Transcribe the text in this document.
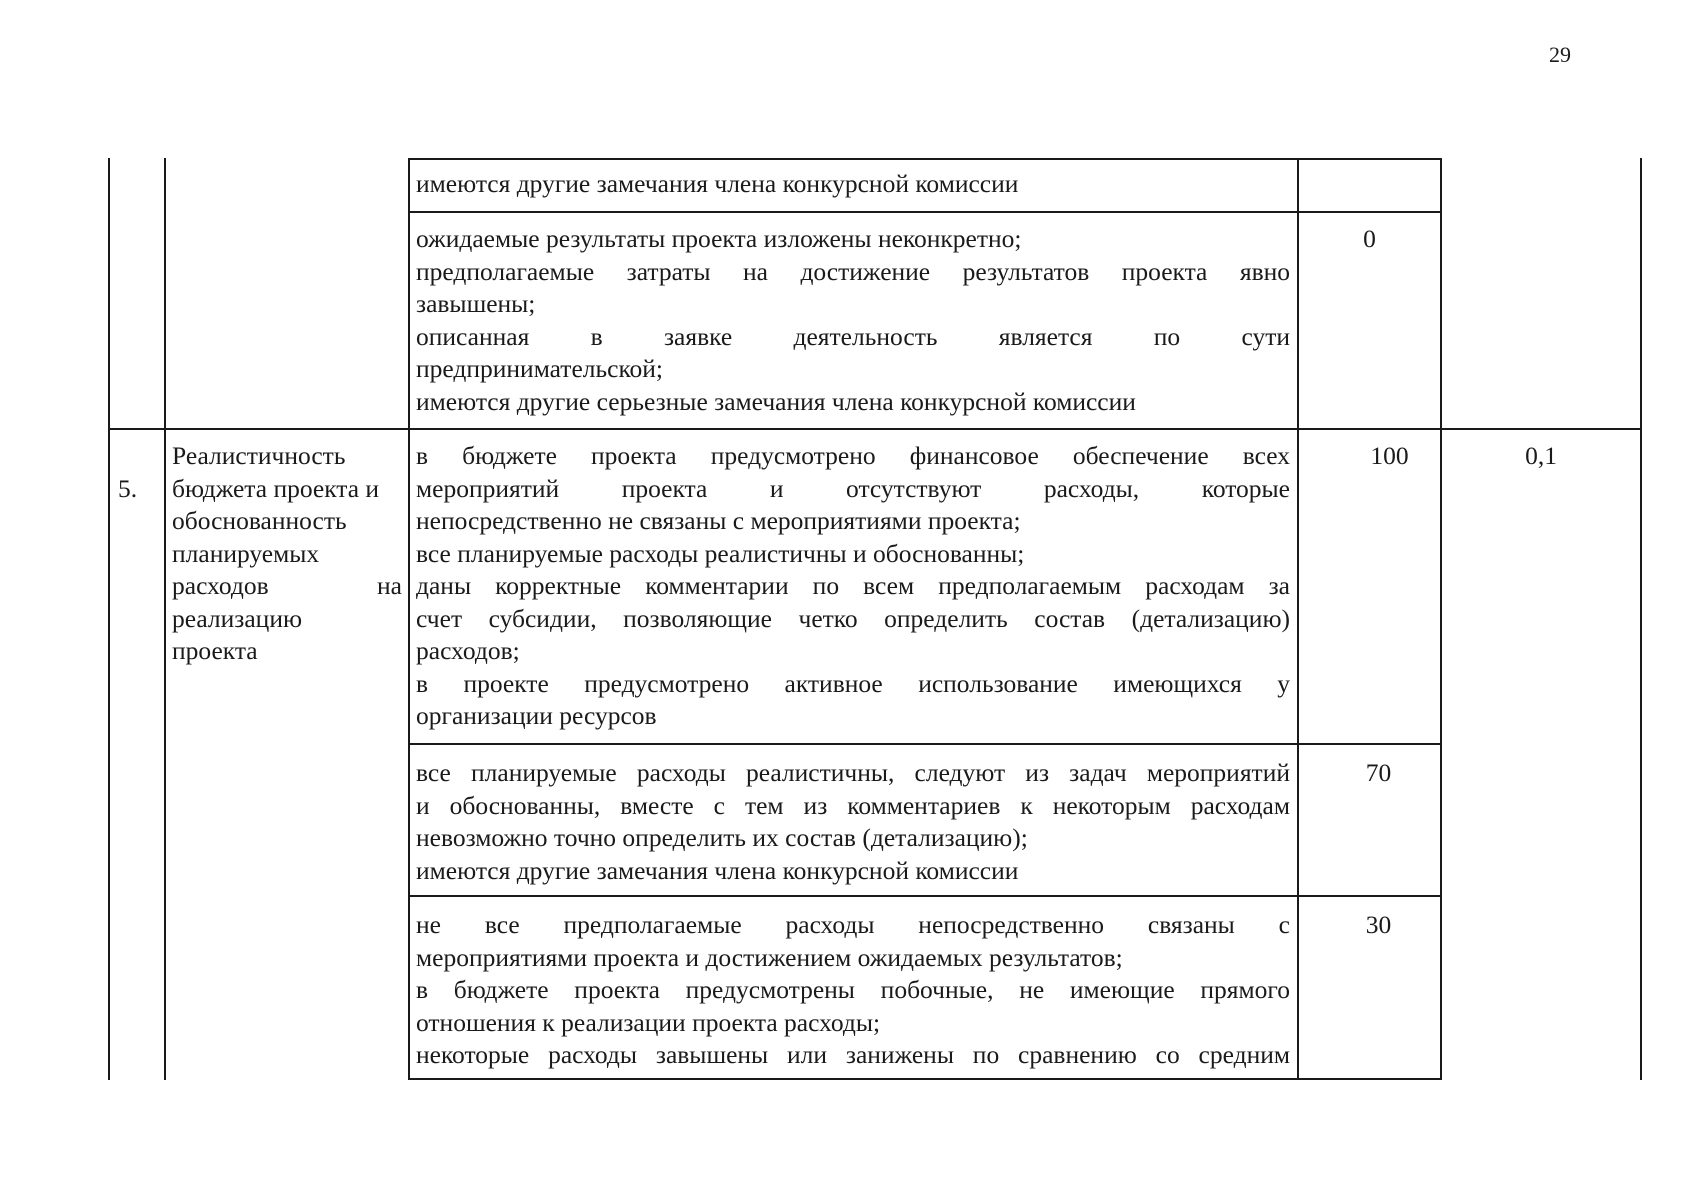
29
имеются другие замечания члена конкурсной комиссии
ожидаемые результаты проекта изложены неконкретно;
предполагаемые затраты на достижение результатов проекта явно
завышены;
описанная в заявке деятельность является по сути
предпринимательской;
имеются другие серьезные замечания члена конкурсной комиссии
0
5.
Реалистичность
бюджета проекта и
обоснованность
планируемых
расходов на
реализацию
проекта
0,1
в бюджете проекта предусмотрено финансовое обеспечение всех
мероприятий проекта и отсутствуют расходы, которые
непосредственно не связаны с мероприятиями проекта;
все планируемые расходы реалистичны и обоснованны;
даны корректные комментарии по всем предполагаемым расходам за
счет субсидии, позволяющие четко определить состав (детализацию)
расходов;
в проекте предусмотрено активное использование имеющихся у
организации ресурсов
100
все планируемые расходы реалистичны, следуют из задач мероприятий
и обоснованны, вместе с тем из комментариев к некоторым расходам
невозможно точно определить их состав (детализацию);
имеются другие замечания члена конкурсной комиссии
70
не все предполагаемые расходы непосредственно связаны с
мероприятиями проекта и достижением ожидаемых результатов;
в бюджете проекта предусмотрены побочные, не имеющие прямого
отношения к реализации проекта расходы;
некоторые расходы завышены или занижены по сравнению со средним
30
